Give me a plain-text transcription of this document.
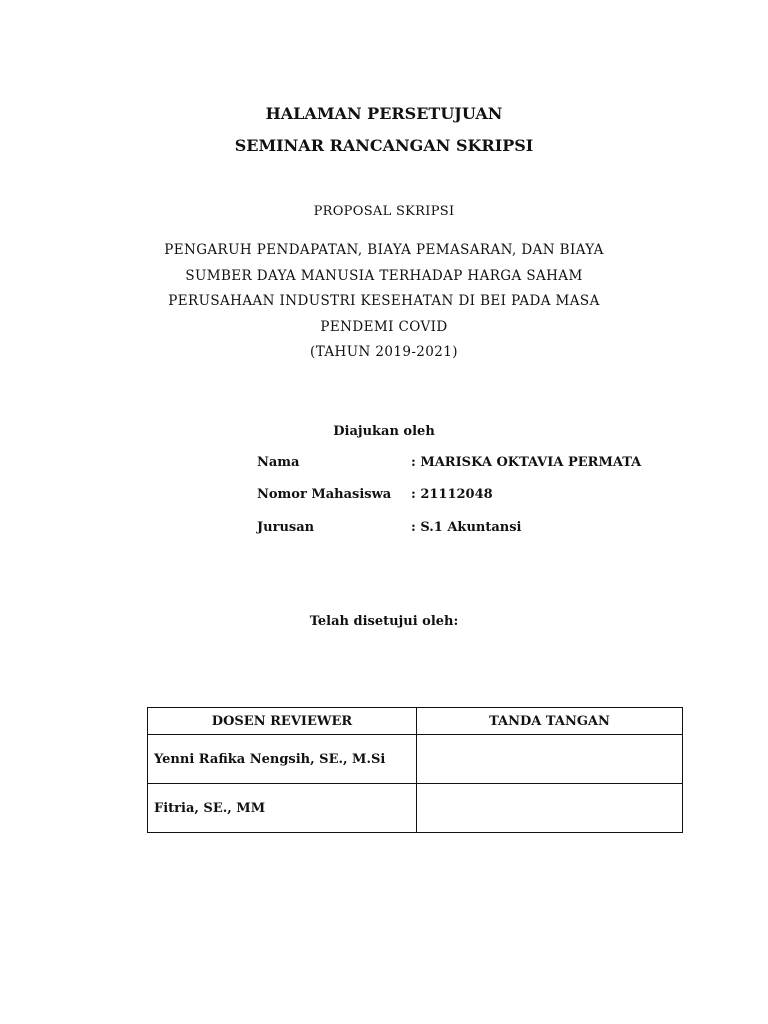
HALAMAN PERSETUJUAN
SEMINAR RANCANGAN SKRIPSI
PROPOSAL SKRIPSI
PENGARUH PENDAPATAN, BIAYA PEMASARAN, DAN BIAYA
SUMBER DAYA MANUSIA TERHADAP HARGA SAHAM
PERUSAHAAN INDUSTRI KESEHATAN DI BEI PADA MASA
PENDEMI COVID
(TAHUN 2019-2021)
Diajukan oleh
Nama	: MARISKA OKTAVIA PERMATA
Nomor Mahasiswa : 21112048
Jurusan	: S.1 Akuntansi
Telah disetujui oleh:
DOSEN REVIEWER	TANDA TANGAN
Yenni Rafika Nengsih, SE., M.Si	
Fitria, SE., MM	
